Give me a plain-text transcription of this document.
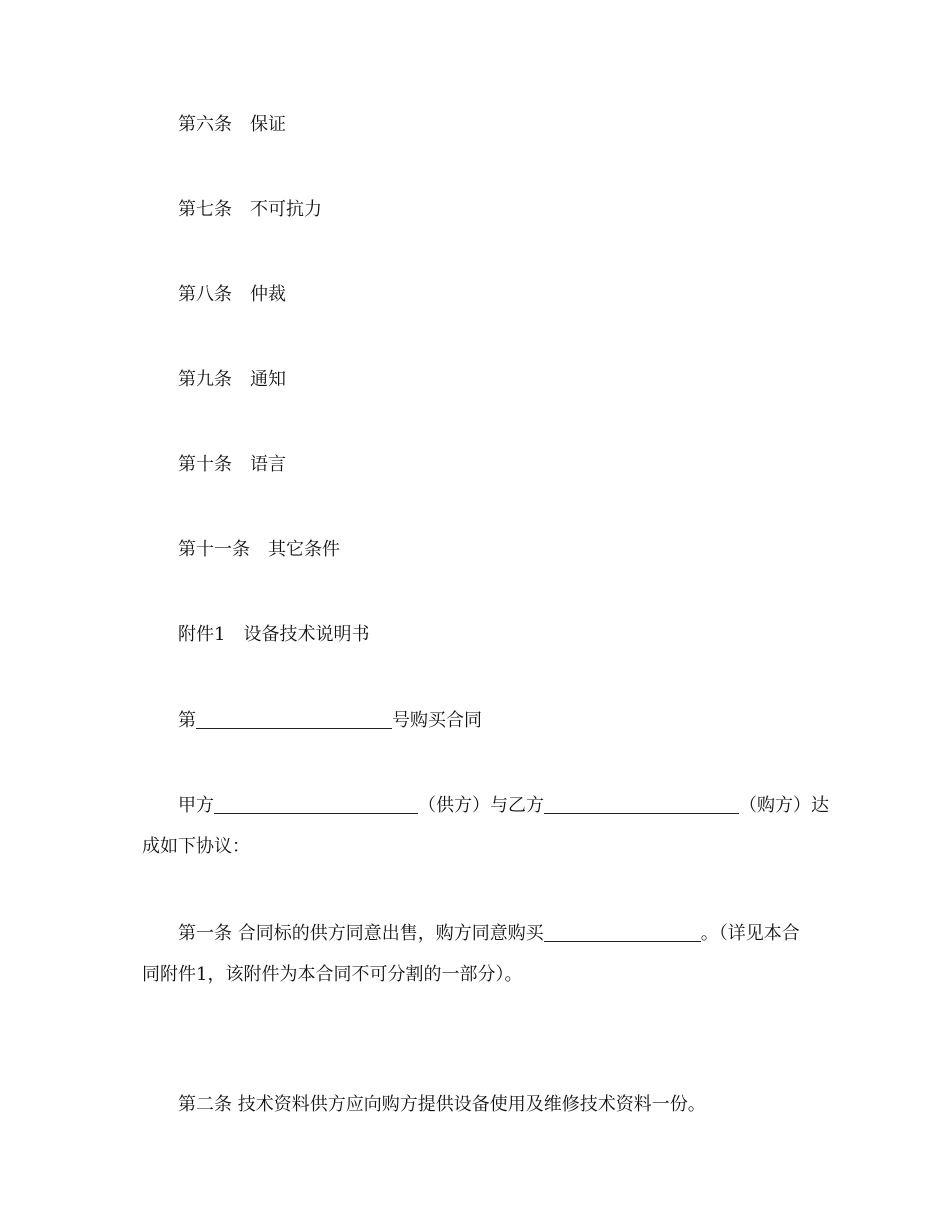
第六条 保证
第七条 不可抗力
第八条 仲裁
第九条 通知
第十条 语言
第十一条 其它条件
附件1 设备技术说明书
第	号购买合同
甲方	（供方）与乙方	（购方）达
成如下协议：
第一条 合同标的供方同意出售，购方同意购买	。（详见本合
同附件1，该附件为本合同不可分割的一部分）。
第二条 技术资料供方应向购方提供设备使用及维修技术资料一份。
